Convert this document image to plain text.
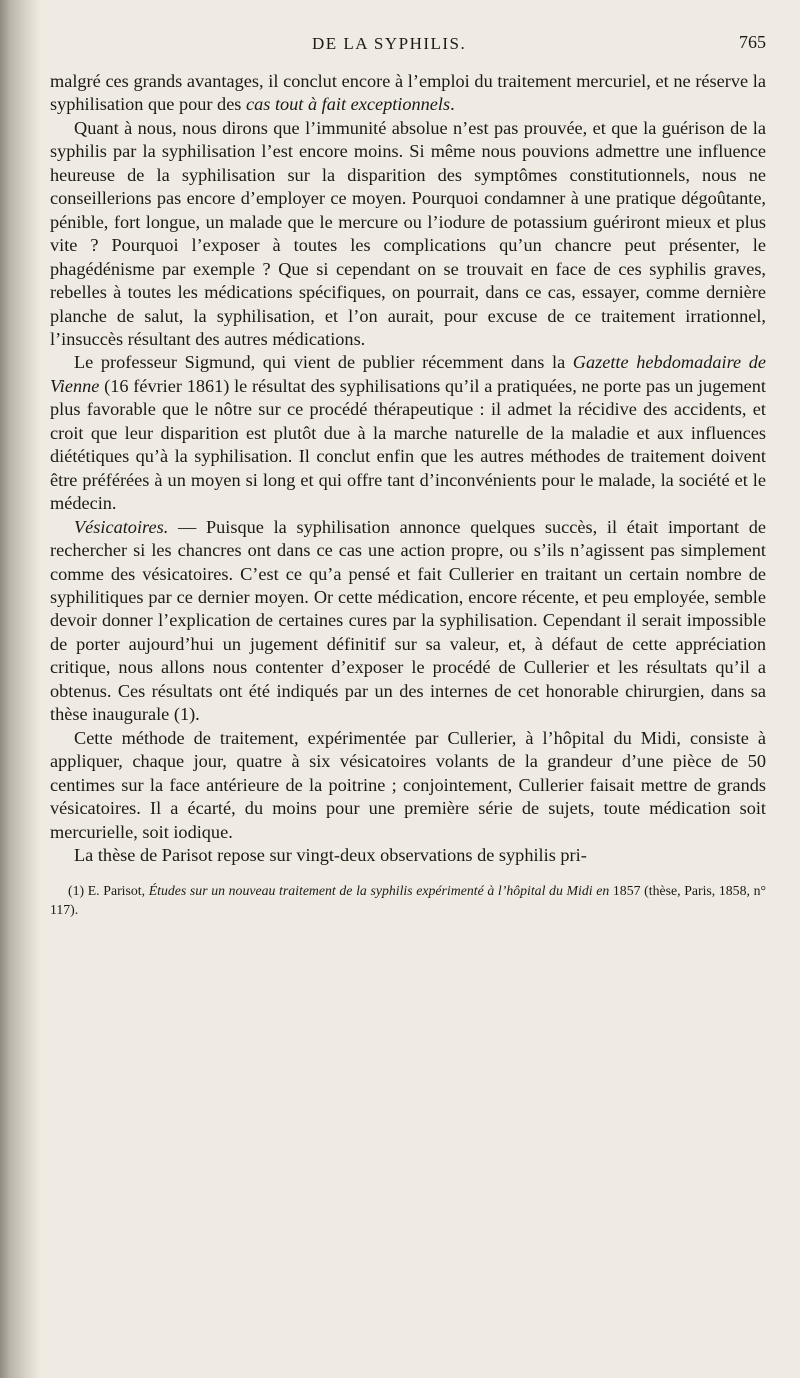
DE LA SYPHILIS.	765

malgré ces grands avantages, il conclut encore à l’emploi du traitement mercuriel, et ne réserve la syphilisation que pour des cas tout à fait exceptionnels.

Quant à nous, nous dirons que l’immunité absolue n’est pas prouvée, et que la guérison de la syphilis par la syphilisation l’est encore moins. Si même nous pouvions admettre une influence heureuse de la syphilisation sur la disparition des symptômes constitutionnels, nous ne conseillerions pas encore d’employer ce moyen. Pourquoi condamner à une pratique dégoûtante, pénible, fort longue, un malade que le mercure ou l’iodure de potassium guériront mieux et plus vite ? Pourquoi l’exposer à toutes les complications qu’un chancre peut présenter, le phagédénisme par exemple ? Que si cependant on se trouvait en face de ces syphilis graves, rebelles à toutes les médications spécifiques, on pourrait, dans ce cas, essayer, comme dernière planche de salut, la syphilisation, et l’on aurait, pour excuse de ce traitement irrationnel, l’insuccès résultant des autres médications.

Le professeur Sigmund, qui vient de publier récemment dans la Gazette hebdomadaire de Vienne (16 février 1861) le résultat des syphilisations qu’il a pratiquées, ne porte pas un jugement plus favorable que le nôtre sur ce procédé thérapeutique : il admet la récidive des accidents, et croit que leur disparition est plutôt due à la marche naturelle de la maladie et aux influences diététiques qu’à la syphilisation. Il conclut enfin que les autres méthodes de traitement doivent être préférées à un moyen si long et qui offre tant d’inconvénients pour le malade, la société et le médecin.

Vésicatoires. — Puisque la syphilisation annonce quelques succès, il était important de rechercher si les chancres ont dans ce cas une action propre, ou s’ils n’agissent pas simplement comme des vésicatoires. C’est ce qu’a pensé et fait Cullerier en traitant un certain nombre de syphilitiques par ce dernier moyen. Or cette médication, encore récente, et peu employée, semble devoir donner l’explication de certaines cures par la syphilisation. Cependant il serait impossible de porter aujourd’hui un jugement définitif sur sa valeur, et, à défaut de cette appréciation critique, nous allons nous contenter d’exposer le procédé de Cullerier et les résultats qu’il a obtenus. Ces résultats ont été indiqués par un des internes de cet honorable chirurgien, dans sa thèse inaugurale (1).

Cette méthode de traitement, expérimentée par Cullerier, à l’hôpital du Midi, consiste à appliquer, chaque jour, quatre à six vésicatoires volants de la grandeur d’une pièce de 50 centimes sur la face antérieure de la poitrine ; conjointement, Cullerier faisait mettre de grands vésicatoires. Il a écarté, du moins pour une première série de sujets, toute médication soit mercurielle, soit iodique.

La thèse de Parisot repose sur vingt-deux observations de syphilis pri-

(1) E. Parisot, Études sur un nouveau traitement de la syphilis expérimenté à l’hôpital du Midi en 1857 (thèse, Paris, 1858, n° 117).
